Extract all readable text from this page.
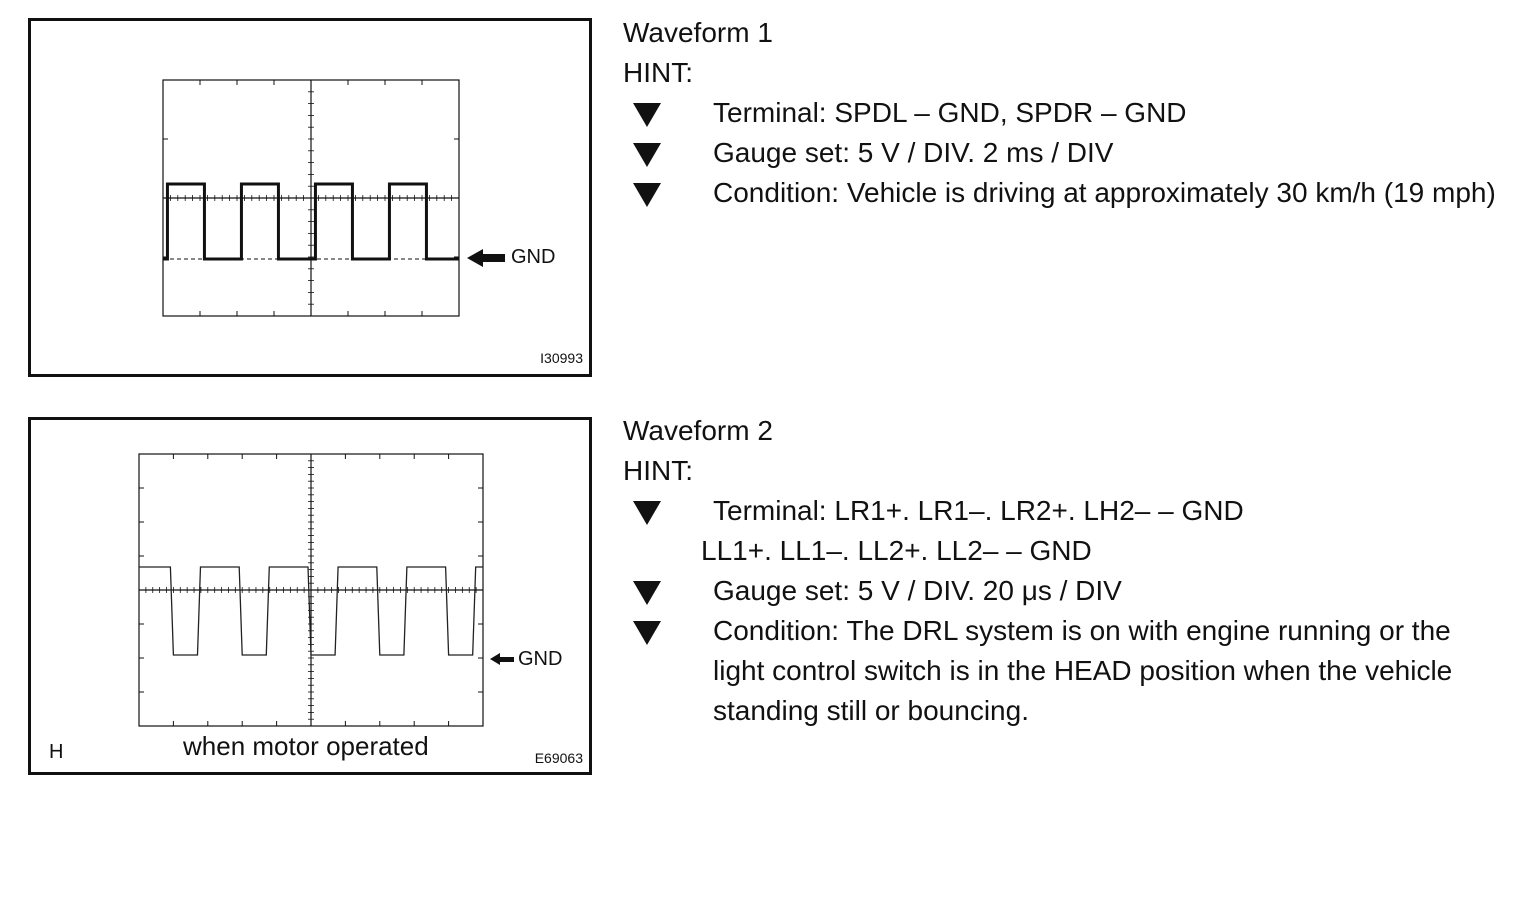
GND
I30993
GND
H	when motor operated	E69063
Waveform 1
HINT:
Terminal: SPDL – GND, SPDR – GND
Gauge set: 5 V / DIV. 2 ms / DIV
Condition: Vehicle is driving at approximately 30 km/h (19 mph)
Waveform 2
HINT:
Terminal: LR1+. LR1–. LR2+. LH2– – GND
LL1+. LL1–. LL2+. LL2– – GND
Gauge set: 5 V / DIV. 20 μs / DIV
Condition: The DRL system is on with engine running or the light control switch is in the HEAD position when the vehicle standing still or bouncing.
